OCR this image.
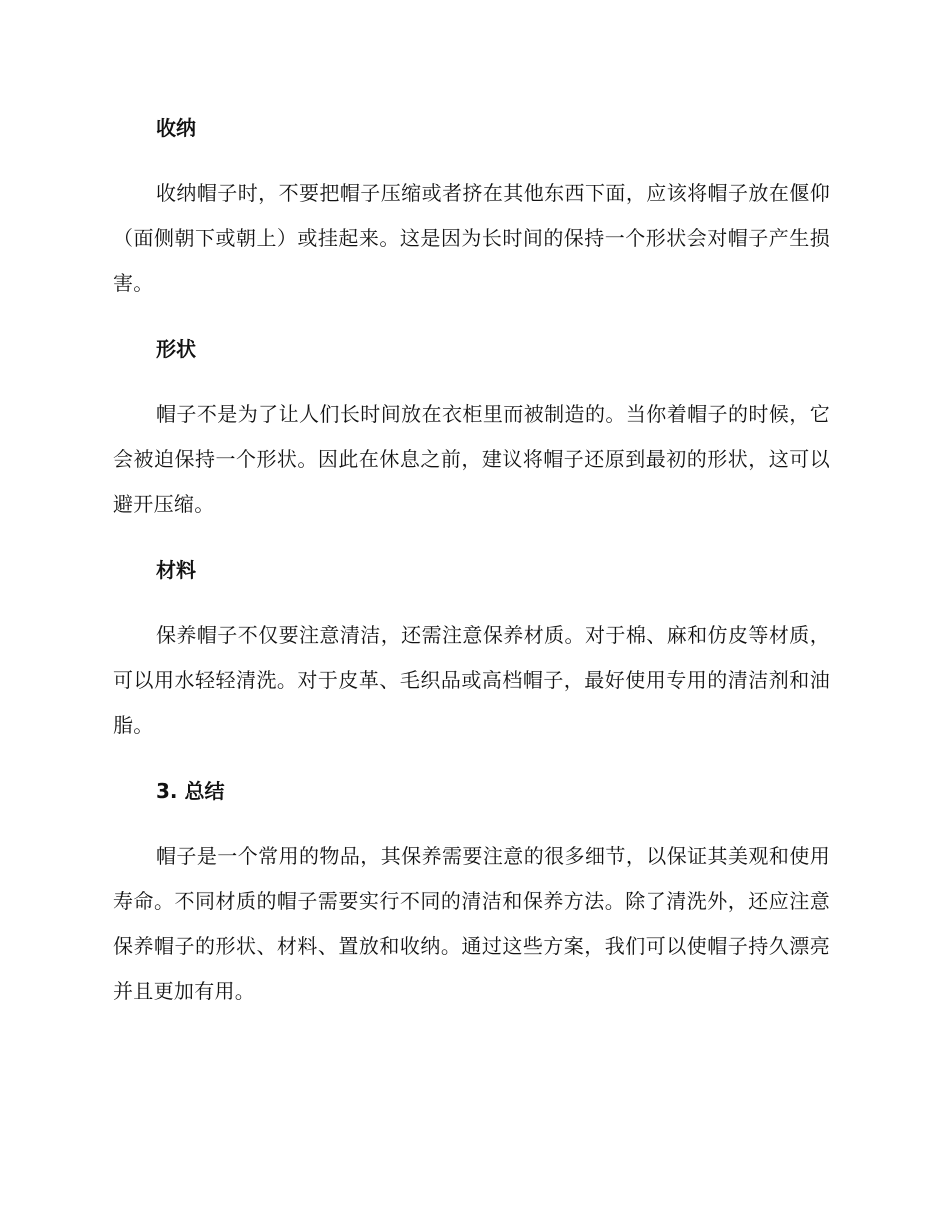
收纳

收纳帽子时，不要把帽子压缩或者挤在其他东西下面，应该将帽子放在偃仰（面侧朝下或朝上）或挂起来。这是因为长时间的保持一个形状会对帽子产生损害。

形状

帽子不是为了让人们长时间放在衣柜里而被制造的。当你着帽子的时候，它会被迫保持一个形状。因此在休息之前，建议将帽子还原到最初的形状，这可以避开压缩。

材料

保养帽子不仅要注意清洁，还需注意保养材质。对于棉、麻和仿皮等材质，可以用水轻轻清洗。对于皮革、毛织品或高档帽子，最好使用专用的清洁剂和油脂。

3. 总结

帽子是一个常用的物品，其保养需要注意的很多细节，以保证其美观和使用寿命。不同材质的帽子需要实行不同的清洁和保养方法。除了清洗外，还应注意保养帽子的形状、材料、置放和收纳。通过这些方案，我们可以使帽子持久漂亮并且更加有用。
